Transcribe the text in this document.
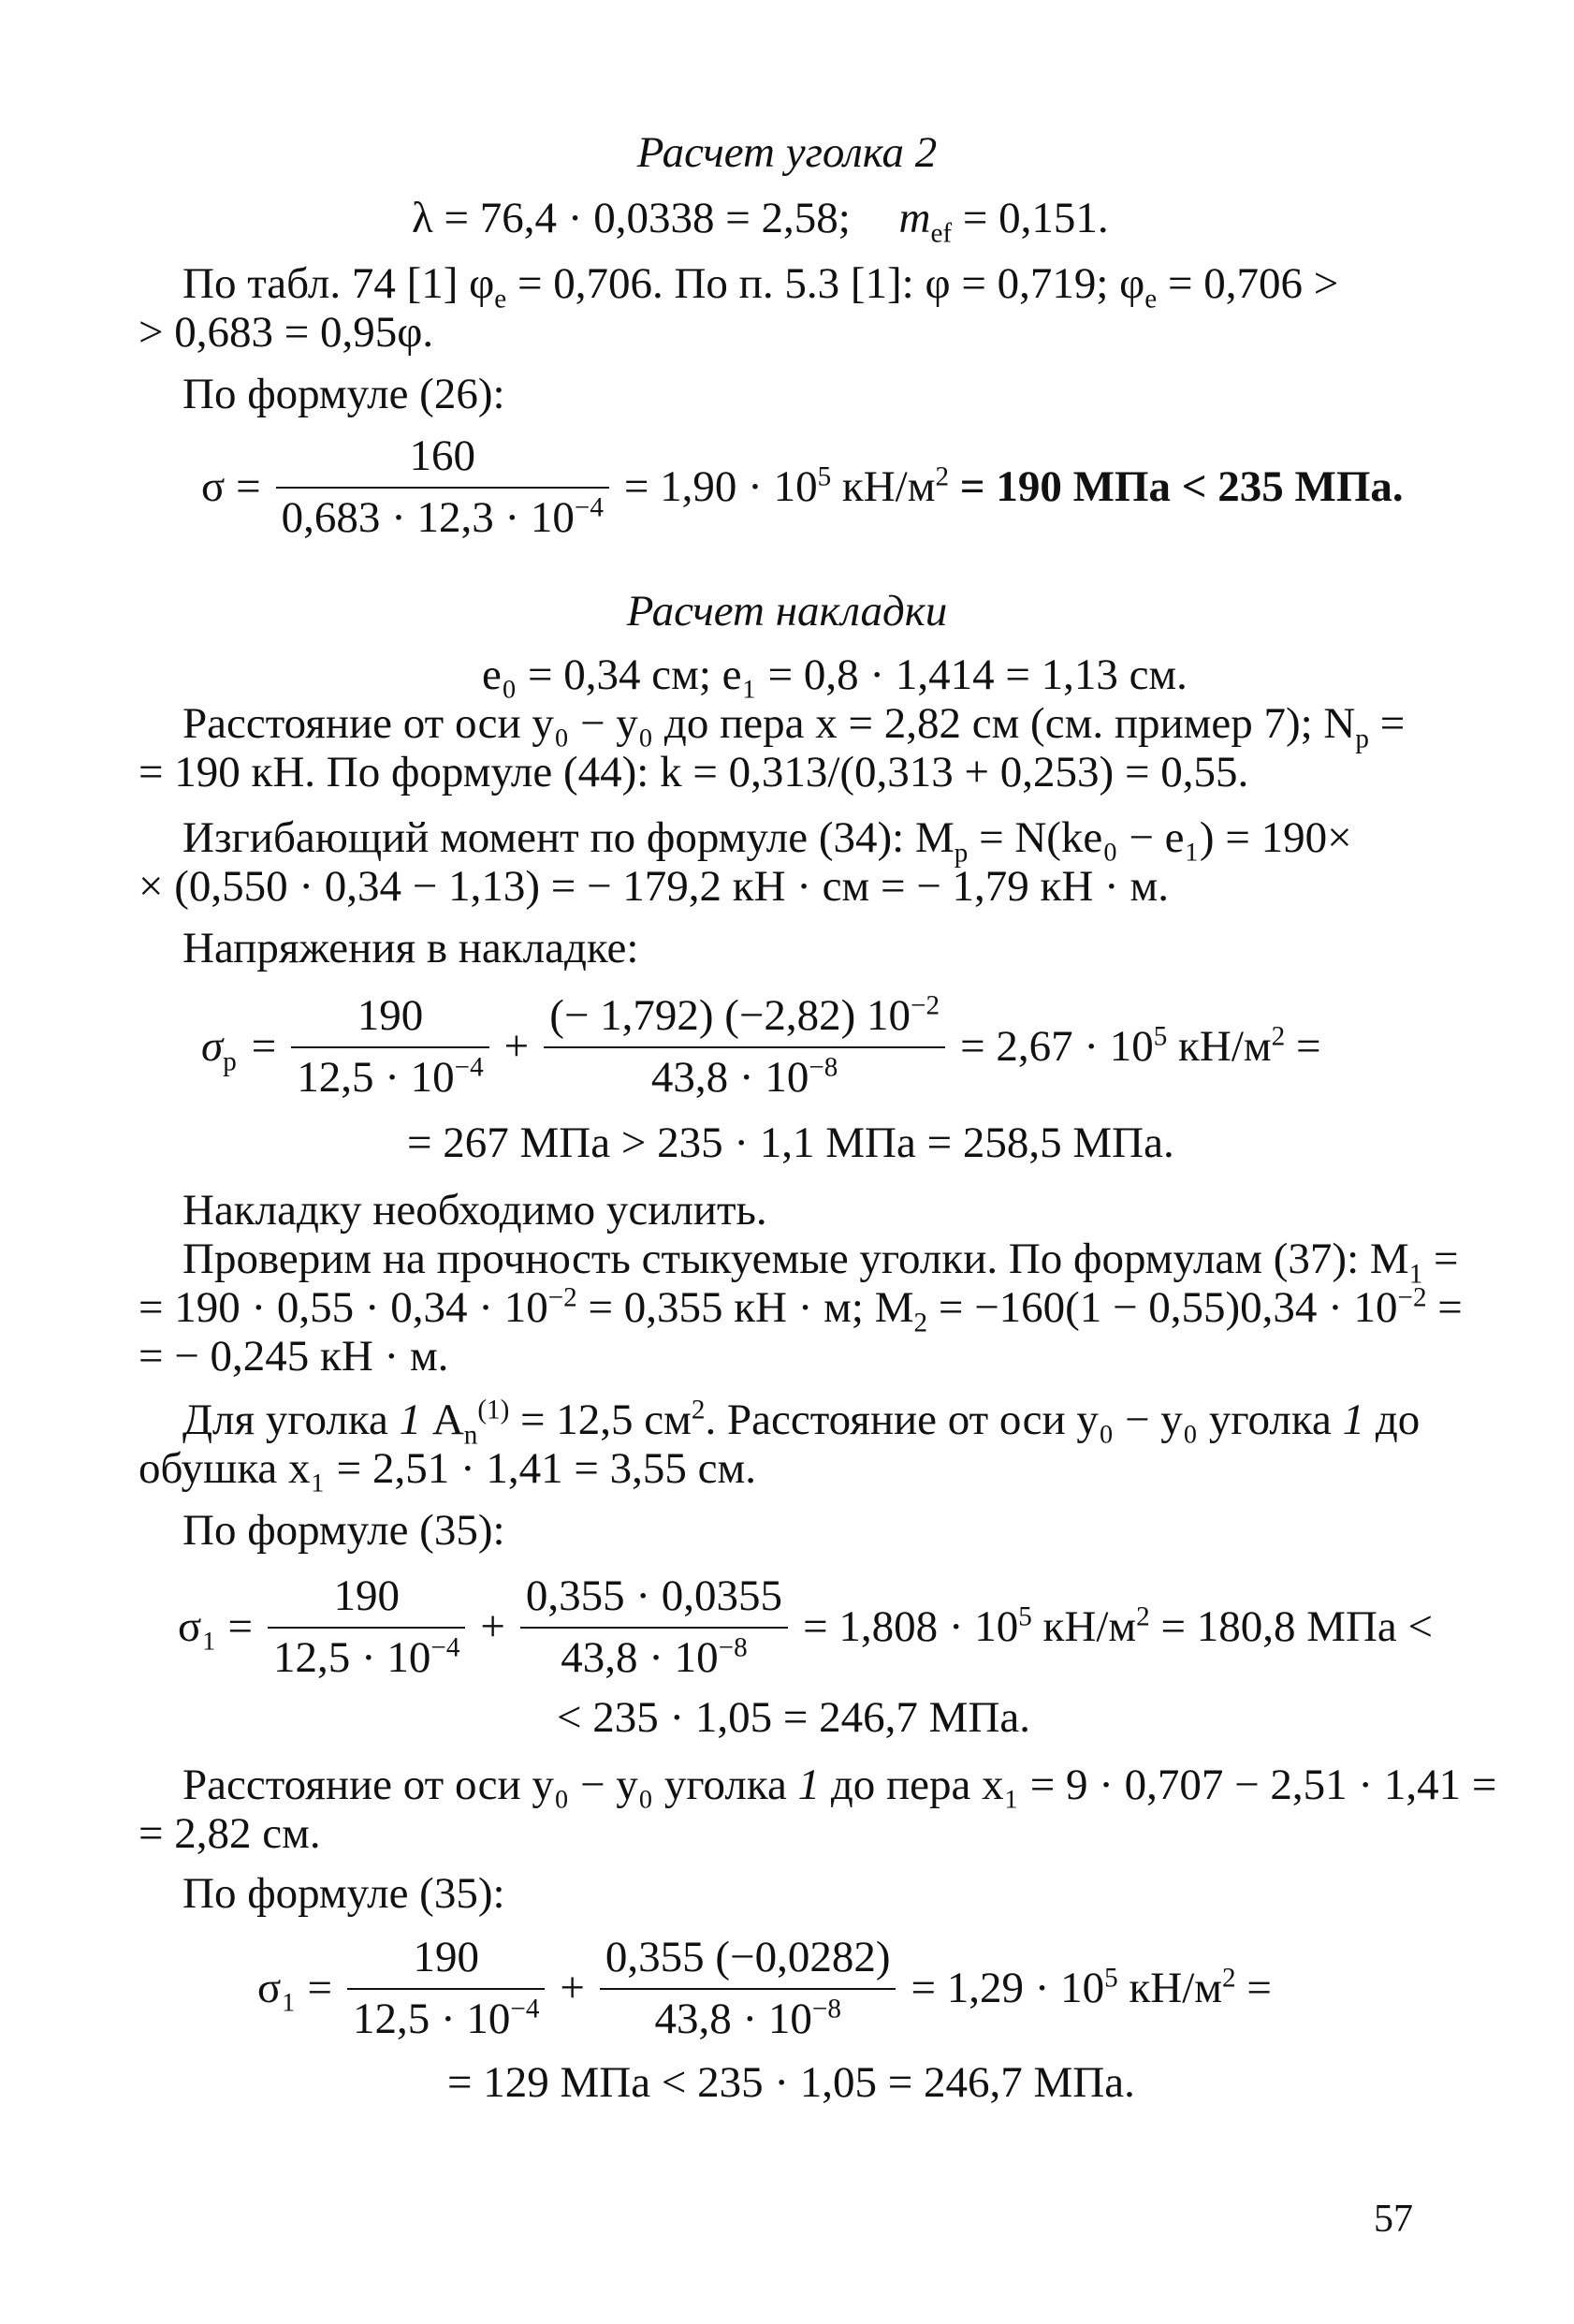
Расчет уголка 2
λ = 76,4 · 0,0338 = 2,58; $m_{ef} = 0,151$.
По табл. 74 [1] $\varphi_e = 0,706$. По п. 5.3 [1]: φ = 0,719; $\varphi_e = 0,706$ >
> 0,683 = 0,95φ.
По формуле (26):
$\sigma = \frac{160}{0,683 \cdot 12,3 \cdot 10^{-4}} = 1,90 \cdot 10^5$ $кН/м^2 = 190$ МПа < 235 МПа.
Расчет накладки
e₀ = 0,34 см; e₁ = 0,8 · 1,414 = 1,13 см.
Расстояние от оси y₀ − y₀ до пера x = 2,82 см (см. пример 7); $N_p$ =
= 190 кН. По формуле (44): k = 0,313/(0,313 + 0,253) = 0,55.
Изгибающий момент по формуле (34): $M_p = N(ke_0 - e_1) = 190\times$
× (0,550 · 0,34 − 1,13) = − 179,2 кН · см = − 1,79 кН · м.
Напряжения в накладке:
$\sigma_p = \frac{190}{12,5 \cdot 10^{-4}} + \frac{(- 1,792) (-2,82) 10^{-2}}{43,8 \cdot 10^{-8}} = 2,67 \cdot 10^5$ $кН/м^2$ =
= 267 МПа > 235 · 1,1 МПа = 258,5 МПа.
Накладку необходимо усилить.
Проверим на прочность стыкуемые уголки. По формулам (37): $M_1$ =
= $190 \cdot 0,55 \cdot 0,34 \cdot 10^{-2} = 0,355$ кН · м; $M_2 = -160(1 - 0,55)0,34 \cdot 10^{-2}$ =
= − 0,245 кН · м.
Для уголка 1 $A_n^{(1)} = 12,5$ $см^2$. Расстояние от оси y₀ − y₀ уголка 1 до
обушка x₁ = 2,51 · 1,41 = 3,55 см.
По формуле (35):
$\sigma_1 = \frac{190}{12,5 \cdot 10^{-4}} + \frac{0,355 \cdot 0,0355}{43,8 \cdot 10^{-8}} = 1,808 \cdot 10^5$ $кН/м^2 = 180,8$ МПа <
< 235 · 1,05 = 246,7 МПа.
Расстояние от оси y₀ − y₀ уголка 1 до пера x₁ = 9 · 0,707 − 2,51 · 1,41 =
= 2,82 см.
По формуле (35):
$\sigma_1 = \frac{190}{12,5 \cdot 10^{-4}} + \frac{0,355 (-0,0282)}{43,8 \cdot 10^{-8}} = 1,29 \cdot 10^5$ $кН/м^2$ =
= 129 МПа < 235 · 1,05 = 246,7 МПа.
57
